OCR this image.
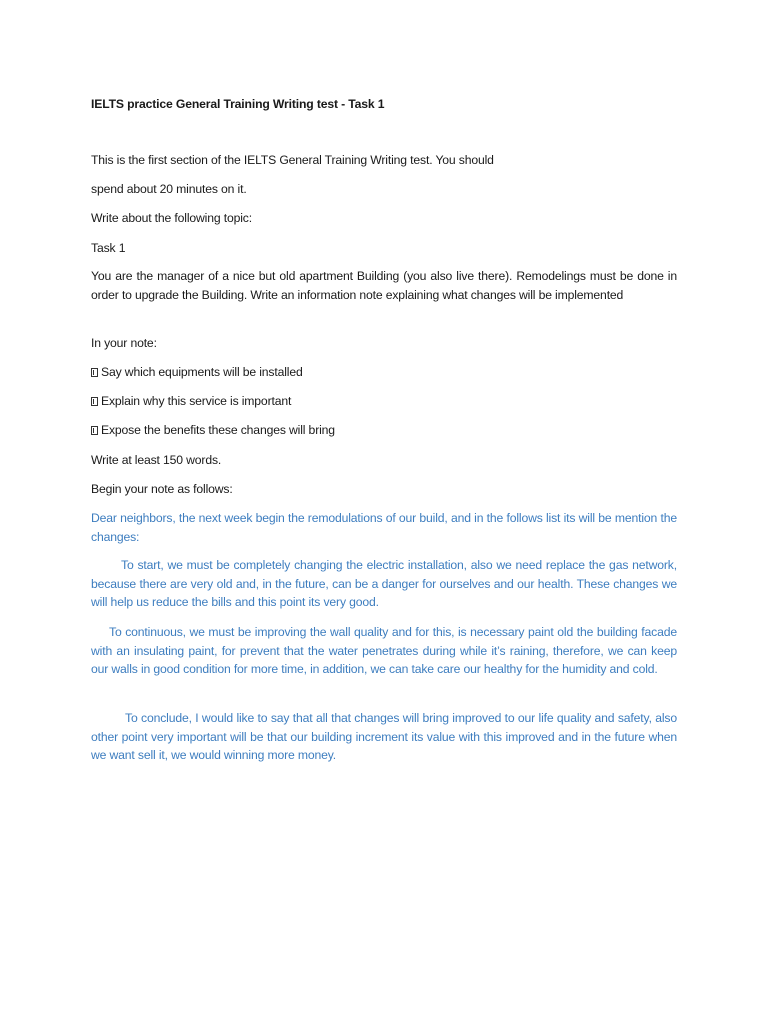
IELTS practice General Training Writing test - Task 1
This is the first section of the IELTS General Training Writing test. You should
spend about 20 minutes on it.
Write about the following topic:
Task 1
You are the manager of a nice but old apartment Building (you also live there). Remodelings must be done in order to upgrade the Building. Write an information note explaining what changes will be implemented
In your note:
Say which equipments will be installed
Explain why this service is important
Expose the benefits these changes will bring
Write at least 150 words.
Begin your note as follows:
Dear neighbors, the next week begin the remodulations of our build, and in the follows list its will be mention the changes:
To start, we must be completely changing the electric installation, also we need replace the gas network, because there are very old and, in the future, can be a danger for ourselves and our health. These changes we will help us reduce the bills and this point its very good.
To continuous, we must be improving the wall quality and for this, is necessary paint old the building facade with an insulating paint, for prevent that the water penetrates during while it’s raining, therefore, we can keep our walls in good condition for more time, in addition, we can take care our healthy for the humidity and cold.
To conclude, I would like to say that all that changes will bring improved to our life quality and safety, also other point very important will be that our building increment its value with this improved and in the future when we want sell it, we would winning more money.
